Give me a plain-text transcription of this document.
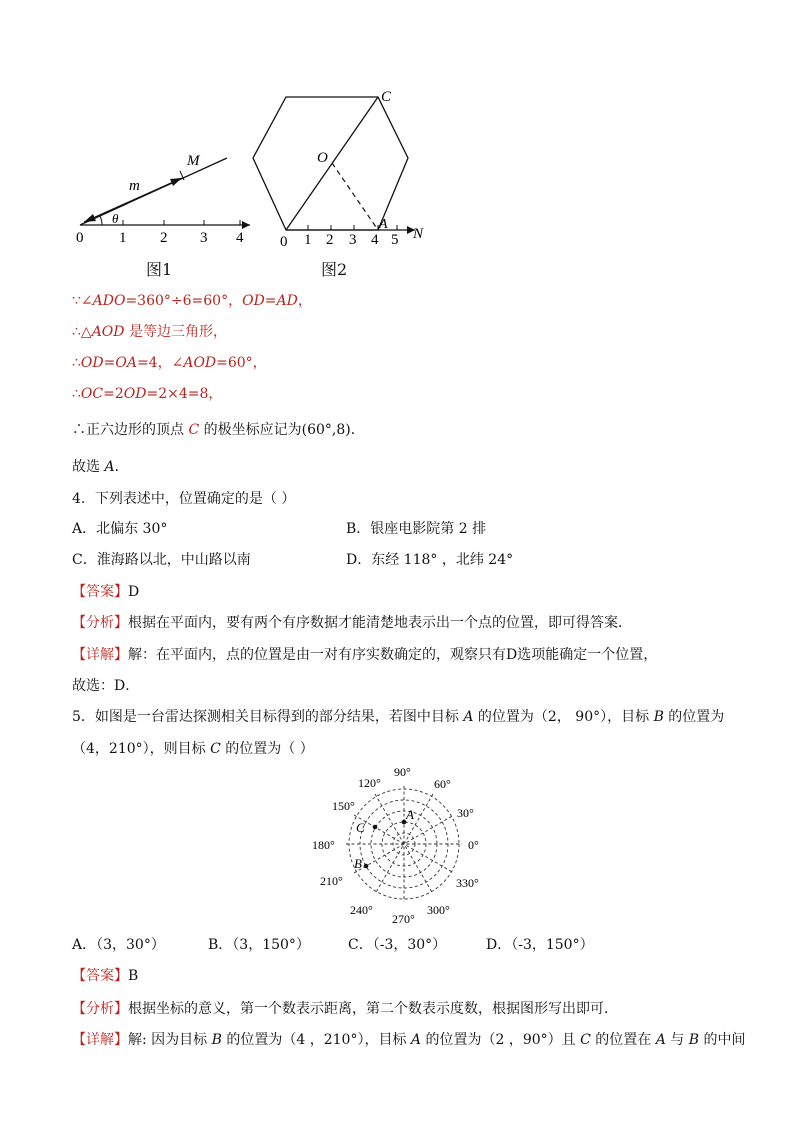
M
m
θ
0 1 2 3 4
图1
C
O
A
N
0 1 2 3 4 5
图2
∵∠ADO=360°÷6=60°，OD=AD，
∴△AOD 是等边三角形，
∴OD=OA=4，∠AOD=60°，
∴OC=2OD=2×4=8，
∴正六边形的顶点 C 的极坐标应记为(60°,8)．
故选 A．
4．下列表述中，位置确定的是（ ）
A．北偏东 30°	B．银座电影院第 2 排
C．淮海路以北，中山路以南	D．东经 118° ，北纬 24°
【答案】D
【分析】根据在平面内，要有两个有序数据才能清楚地表示出一个点的位置，即可得答案．
【详解】解：在平面内，点的位置是由一对有序实数确定的，观察只有D选项能确定一个位置，
故选：D．
5．如图是一台雷达探测相关目标得到的部分结果，若图中目标 A 的位置为（2， 90°），目标 B 的位置为
（4，210°），则目标 C 的位置为（ ）
A
C
B
0°
30°
60°
90°
120°
150°
180°
210°
240°
270°
300°
330°
A．（3，30°）	B．（3，150°）	C．（-3，30°）	D．（-3，150°）
【答案】B
【分析】根据坐标的意义，第一个数表示距离，第二个数表示度数，根据图形写出即可．
【详解】解: 因为目标 B 的位置为（4 ，210°），目标 A 的位置为（2 ，90°）且 C 的位置在 A 与 B 的中间
